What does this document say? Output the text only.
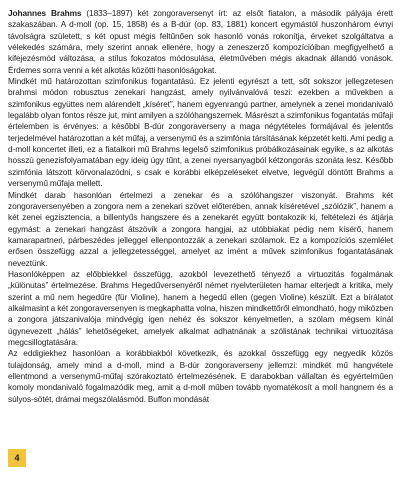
Johannes Brahms (1833–1897) két zongoraversenyt írt: az elsőt fiatalon, a második pályája érett szakaszában. A d-moll (op. 15, 1858) és a B-dúr (op. 83, 1881) koncert egymástól huszonhárom évnyi távolságra született, s két opust mégis feltűnően sok hasonló vonás rokonítja, érveket szolgáltatva a vélekedés számára, mely szerint annak ellenére, hogy a zeneszerző kompozícióiban megfigyelhető a kifejezésmód változása, a stílus fokozatos módosulása, életművében mégis akadnak állandó vonások. Érdemes sorra venni a két alkotás közötti hasonlóságokat.

Mindkét mű határozottan szimfonikus fogantatású. Ez jelenti egyrészt a tett, sőt sokszor jellegzetesen brahmsi módon robusztus zenekari hangzást, amely nyilvánvalóvá teszi: ezekben a művekben a szimfonikus együttes nem alárendelt „kíséret”, hanem egyenrangú partner, amelynek a zenei mondanivaló legalább olyan fontos része jut, mint amilyen a szólóhangszernek. Másrészt a szimfonikus fogantatás műfaji értelemben is érvényes: a későbbi B-dúr zongoraverseny a maga négytételes formájával és jelentős terjedelmével határozottan a két műfaj, a versenymű és a szimfónia társításának képzetét kelti. Ami pedig a d-moll koncertet illeti, ez a fiatalkori mű Brahms legelső szimfonikus próbálkozásainak egyike, s az alkotás hosszú genezisfolyamatában egy ideig úgy tűnt, a zenei nyersanyagból kétzongorás szonáta lesz. Később szimfónia látszott körvonalazódni, s csak e korábbi elképzeléseket elvetve, legvégül döntött Brahms a versenymű műfaja mellett.

Mindkét darab hasonlóan értelmezi a zenekar és a szólóhangszer viszonyát. Brahms két zongoraversenyében a zongora nem a zenekari szövet előterében, annak kíséretével „szólózik”, hanem a két zenei egzisztencia, a billentyűs hangszere és a zenekarét együtt bontakozik ki, feltételezi és átjárja egymást: a zenekari hangzást átszövik a zongora hangjai, az utóbbiakat pedig nem kísérő, hanem kamarapartneri, párbeszédes jelleggel ellenpontozzák a zenekari szólamok. Ez a kompozíciós szemlélet erősen összefügg azzal a jellegzetességgel, amelyet az imént a művek szimfonikus fogantatásának neveztünk.

Hasonlóképpen az előbbiekkel összefügg, azokból levezethető tényező a virtuozitás fogalmának „különutas” értelmezése. Brahms Hegedűversenyéről német nyelvterületen hamar elterjedt a kritika, mely szerint a mű nem hegedűre (für Violine), hanem a hegedű ellen (gegen Violine) készült. Ezt a bírálatot alkalmasint a két zongoraversenyen is megkaphatta volna, hiszen mindkettőről elmondható, hogy miközben a zongora játszanivalója mindvégig igen nehéz és sokszor kényelmetlen, a szólam mégsem kínál úgynevezett „hálás” lehetőségeket, amelyek alkalmat adhatnának a szólistának technikai virtuozitása megcsillogtatására.

Az eddigiekhez hasonlóan a korábbiakból következik, és azokkal összefügg egy negyedik közös tulajdonság, amely mind a d-moll, mind a B-dúr zongoraverseny jellemzi: mindkét mű hangvétele ellentmond a versenymű-műfaj szórakoztató értelmezésének. E darabokban vállaltan és egyértelműen komoly mondanivaló fogalmazódik meg, amit a d-moll műben tovább nyomatékosít a moll hangnem és a súlyos-sötét, drámai megszólalásmód. Buffon mondását

4
